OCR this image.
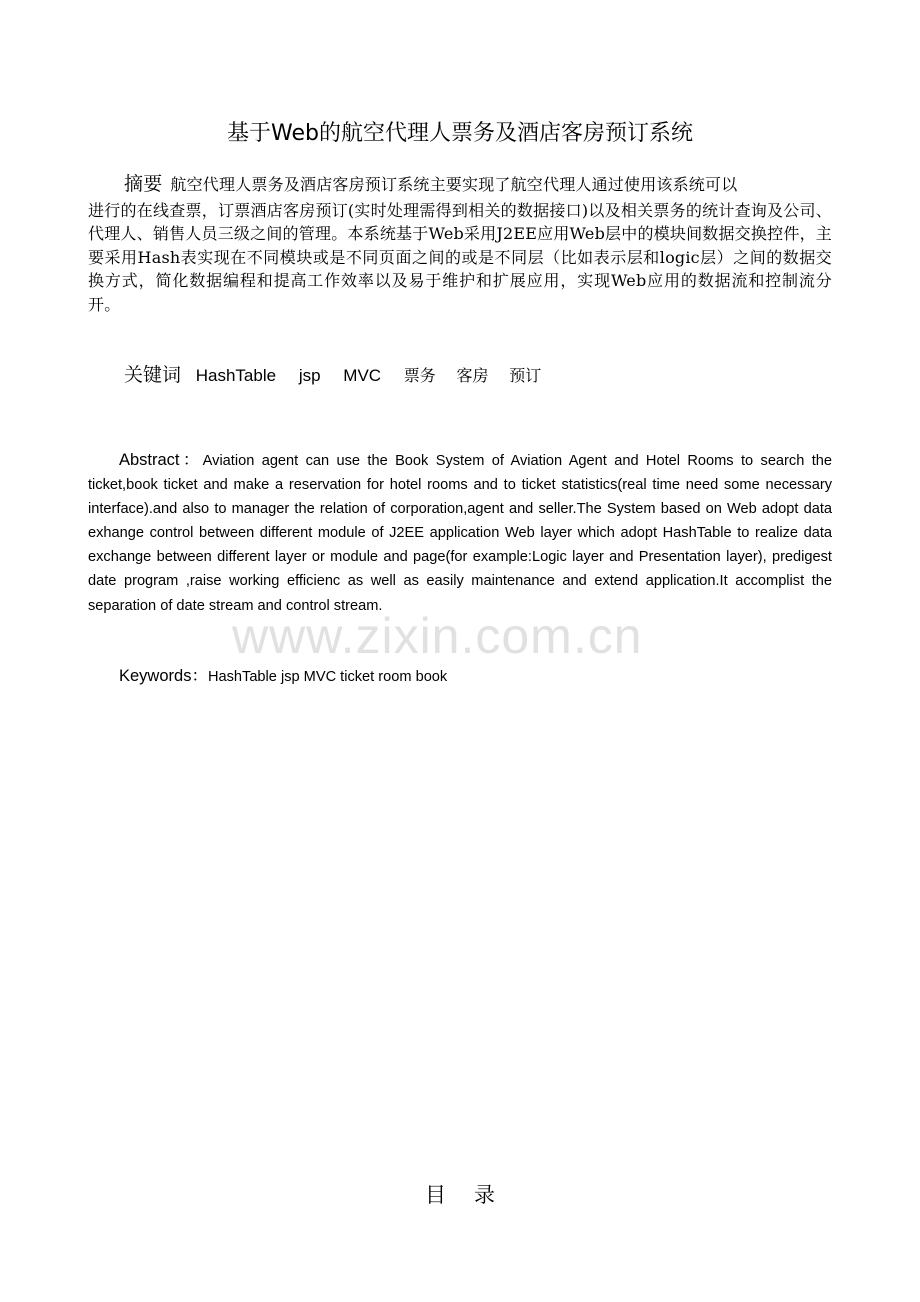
基于Web的航空代理人票务及酒店客房预订系统
摘要 航空代理人票务及酒店客房预订系统主要实现了航空代理人通过使用该系统可以
进行的在线查票，订票酒店客房预订(实时处理需得到相关的数据接口)以及相关票务的统计查询及公司、代理人、销售人员三级之间的管理。本系统基于Web采用J2EE应用Web层中的模块间数据交换控件，主要采用Hash表实现在不同模块或是不同页面之间的或是不同层（比如表示层和logic层）之间的数据交换方式，简化数据编程和提高工作效率以及易于维护和扩展应用，实现Web应用的数据流和控制流分开。
关键词 HashTable jsp MVC 票务 客房 预订
Abstract：Aviation agent can use the Book System of Aviation Agent and Hotel Rooms to search the ticket,book ticket and make a reservation for hotel rooms and to ticket statistics(real time need some necessary interface).and also to manager the relation of corporation,agent and seller.The System based on Web adopt data exhange control between different module of J2EE application Web layer which adopt HashTable to realize data exchange between different layer or module and page(for example:Logic layer and Presentation layer), predigest date program ,raise working efficienc as well as easily maintenance and extend application.It accomplist the separation of date stream and control stream.
www.zixin.com.cn
Keywords：HashTable jsp MVC ticket room book
目录
